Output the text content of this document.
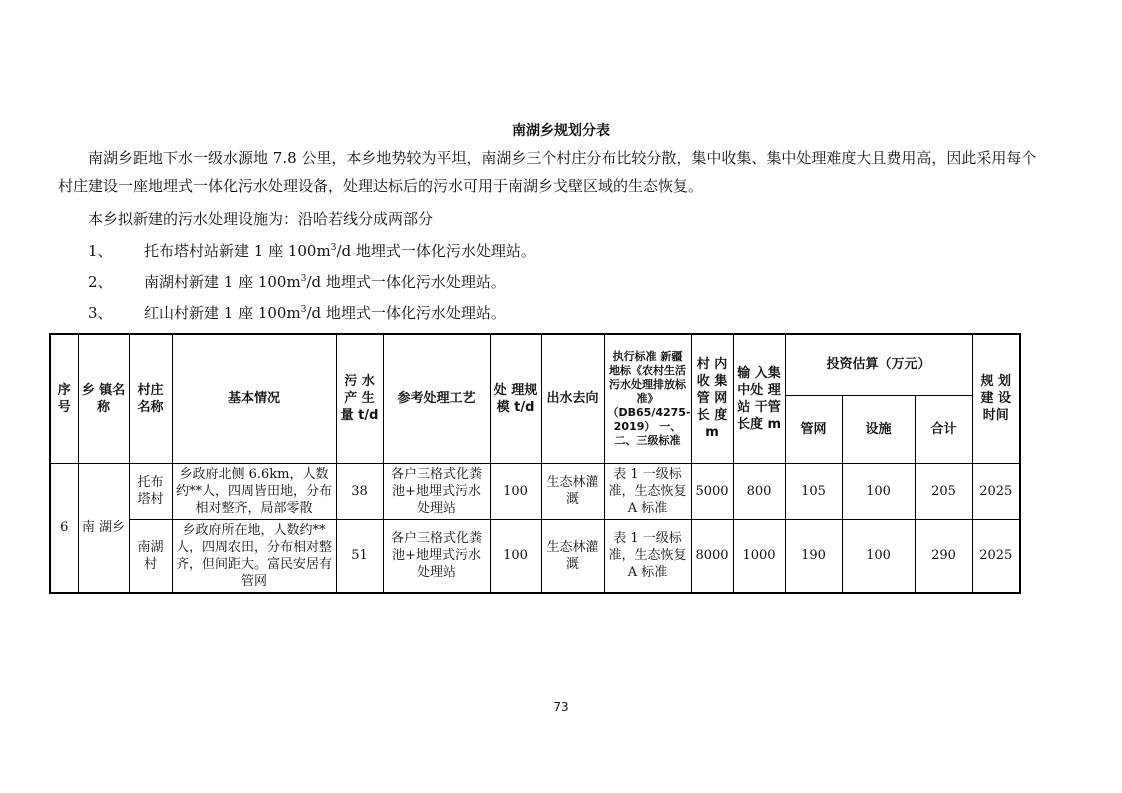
南湖乡规划分表
南湖乡距地下水一级水源地 7.8 公里，本乡地势较为平坦，南湖乡三个村庄分布比较分散，集中收集、集中处理难度大且费用高，因此采用每个村庄建设一座地埋式一体化污水处理设备，处理达标后的污水可用于南湖乡戈壁区域的生态恢复。
本乡拟新建的污水处理设施为：沿哈若线分成两部分
1、 托布塔村站新建 1 座 $100m^3/d$ 地埋式一体化污水处理站。
2、 南湖村新建 1 座 $100m^3/d$ 地埋式一体化污水处理站。
3、 红山村新建 1 座 $100m^3/d$ 地埋式一体化污水处理站。
序号	乡 镇名称	村庄名称	基本情况	污 水产 生量 t/d	参考处理工艺	处 理规 模 t/d	出水去向	执行标准 新疆地标《农村生活污水处理排放标准》（DB65/4275-2019） 一、二、三级标准	村 内收 集管 网长 度 m	输 入集 中处 理站 干管 长度 m	投资估算（万元）			规 划建 设时间
											管网	设施	合计	
6	南 湖乡	托布塔村	乡政府北侧 6.6km，人数约**人，四周皆田地，分布相对整齐，局部零散	38	各户三格式化粪池+地埋式污水处理站	100	生态林灌溉	表 1 一级标准，生态恢复 A 标准	5000	800	105	100	205	2025
		南湖村	乡政府所在地，人数约**人，四周农田，分布相对整齐，但间距大。富民安居有管网	51	各户三格式化粪池+地埋式污水处理站	100	生态林灌溉	表 1 一级标准，生态恢复 A 标准	8000	1000	190	100	290	2025
73
